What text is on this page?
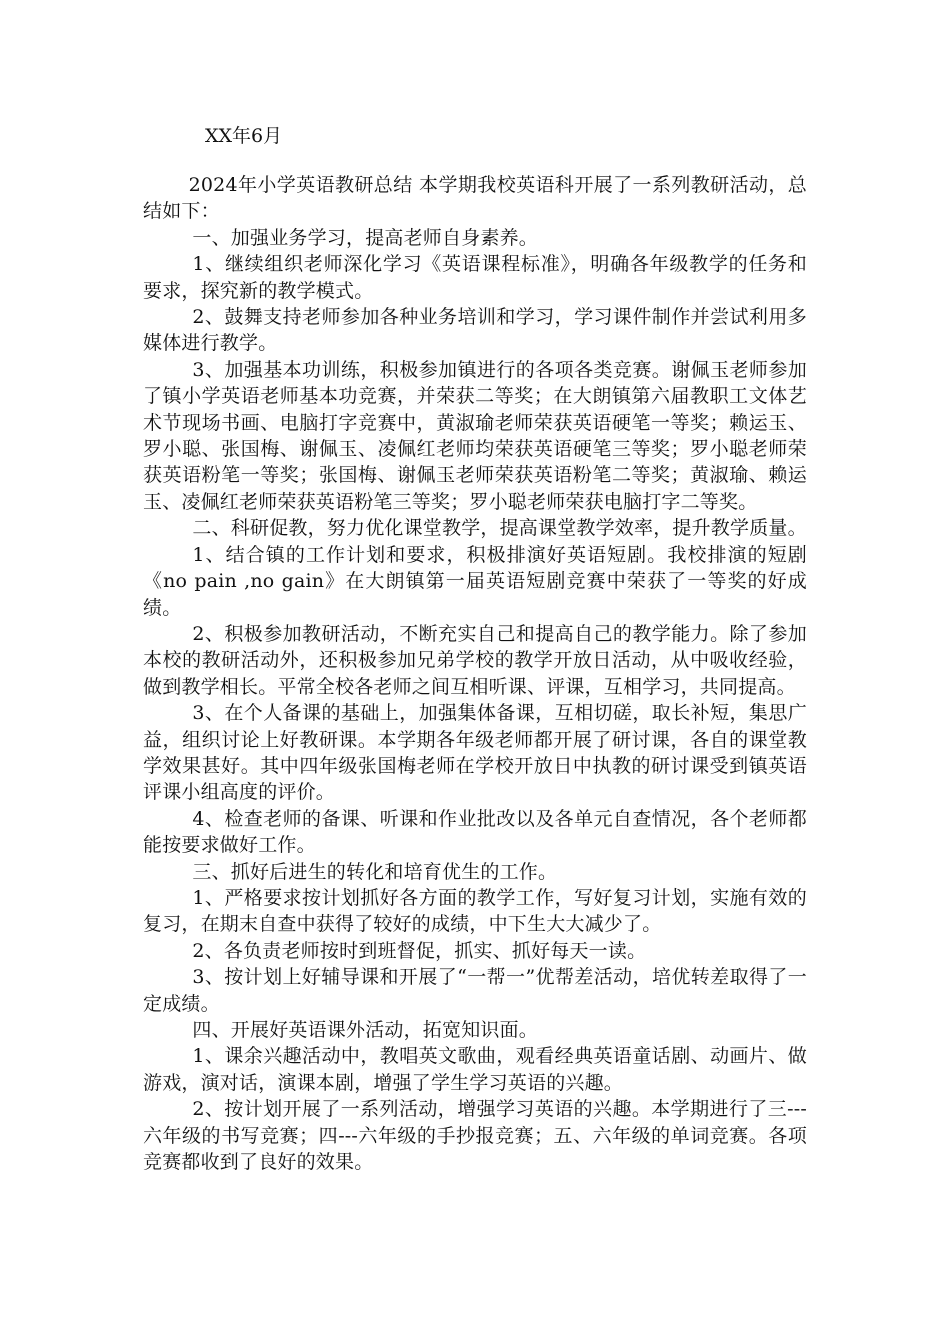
XX年6月

2024年小学英语教研总结 本学期我校英语科开展了一系列教研活动，总结如下：

一、加强业务学习，提高老师自身素养。

1、继续组织老师深化学习《英语课程标准》，明确各年级教学的任务和要求，探究新的教学模式。

2、鼓舞支持老师参加各种业务培训和学习，学习课件制作并尝试利用多媒体进行教学。

3、加强基本功训练，积极参加镇进行的各项各类竞赛。谢佩玉老师参加了镇小学英语老师基本功竞赛，并荣获二等奖；在大朗镇第六届教职工文体艺术节现场书画、电脑打字竞赛中，黄淑瑜老师荣获英语硬笔一等奖；赖运玉、罗小聪、张国梅、谢佩玉、凌佩红老师均荣获英语硬笔三等奖；罗小聪老师荣获英语粉笔一等奖；张国梅、谢佩玉老师荣获英语粉笔二等奖；黄淑瑜、赖运玉、凌佩红老师荣获英语粉笔三等奖；罗小聪老师荣获电脑打字二等奖。

二、科研促教，努力优化课堂教学，提高课堂教学效率，提升教学质量。

1、结合镇的工作计划和要求，积极排演好英语短剧。我校排演的短剧《no pain ,no gain》在大朗镇第一届英语短剧竞赛中荣获了一等奖的好成绩。

2、积极参加教研活动，不断充实自己和提高自己的教学能力。除了参加本校的教研活动外，还积极参加兄弟学校的教学开放日活动，从中吸收经验，做到教学相长。平常全校各老师之间互相听课、评课，互相学习，共同提高。

3、在个人备课的基础上，加强集体备课，互相切磋，取长补短，集思广益，组织讨论上好教研课。本学期各年级老师都开展了研讨课，各自的课堂教学效果甚好。其中四年级张国梅老师在学校开放日中执教的研讨课受到镇英语评课小组高度的评价。

4、检查老师的备课、听课和作业批改以及各单元自查情况，各个老师都能按要求做好工作。

三、抓好后进生的转化和培育优生的工作。

1、严格要求按计划抓好各方面的教学工作，写好复习计划，实施有效的复习，在期末自查中获得了较好的成绩，中下生大大减少了。

2、各负责老师按时到班督促，抓实、抓好每天一读。

3、按计划上好辅导课和开展了“一帮一”优帮差活动，培优转差取得了一定成绩。

四、开展好英语课外活动，拓宽知识面。

1、课余兴趣活动中，教唱英文歌曲，观看经典英语童话剧、动画片、做游戏，演对话，演课本剧，增强了学生学习英语的兴趣。

2、按计划开展了一系列活动，增强学习英语的兴趣。本学期进行了三---六年级的书写竞赛；四---六年级的手抄报竞赛；五、六年级的单词竞赛。各项竞赛都收到了良好的效果。
